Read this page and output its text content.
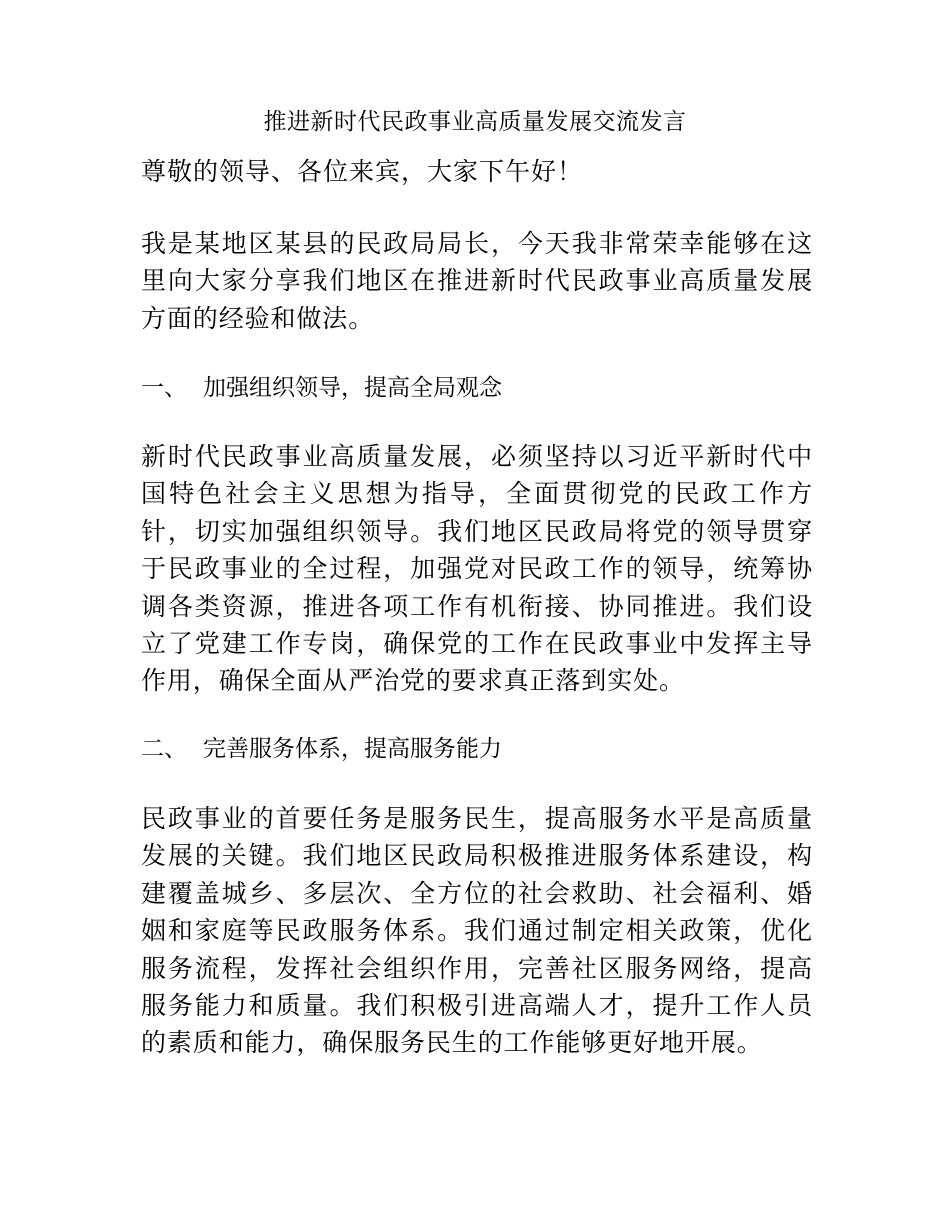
推进新时代民政事业高质量发展交流发言
尊敬的领导、各位来宾，大家下午好！

我是某地区某县的民政局局长，今天我非常荣幸能够在这里向大家分享我们地区在推进新时代民政事业高质量发展方面的经验和做法。

一、 加强组织领导，提高全局观念

新时代民政事业高质量发展，必须坚持以习近平新时代中国特色社会主义思想为指导，全面贯彻党的民政工作方针，切实加强组织领导。我们地区民政局将党的领导贯穿于民政事业的全过程，加强党对民政工作的领导，统筹协调各类资源，推进各项工作有机衔接、协同推进。我们设立了党建工作专岗，确保党的工作在民政事业中发挥主导作用，确保全面从严治党的要求真正落到实处。

二、 完善服务体系，提高服务能力

民政事业的首要任务是服务民生，提高服务水平是高质量发展的关键。我们地区民政局积极推进服务体系建设，构建覆盖城乡、多层次、全方位的社会救助、社会福利、婚姻和家庭等民政服务体系。我们通过制定相关政策，优化服务流程，发挥社会组织作用，完善社区服务网络，提高服务能力和质量。我们积极引进高端人才，提升工作人员的素质和能力，确保服务民生的工作能够更好地开展。
